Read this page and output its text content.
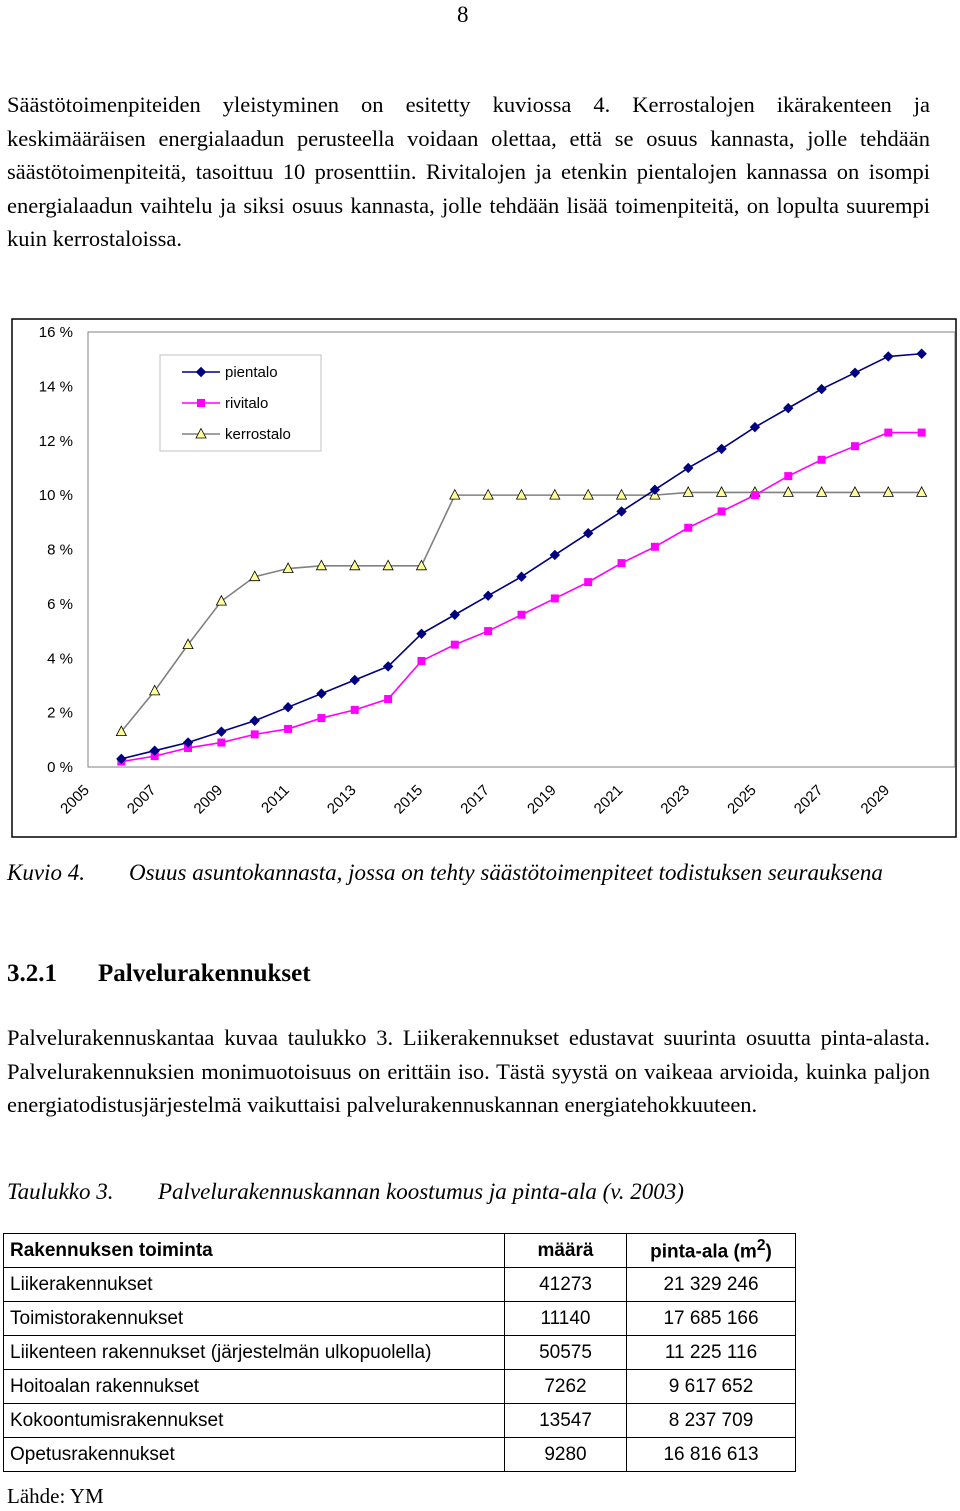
8

Säästötoimenpiteiden yleistyminen on esitetty kuviossa 4. Kerrostalojen ikärakenteen ja keskimääräisen energialaadun perusteella voidaan olettaa, että se osuus kannasta, jolle tehdään säästötoimenpiteitä, tasoittuu 10 prosenttiin. Rivitalojen ja etenkin pientalojen kannassa on isompi energialaadun vaihtelu ja siksi osuus kannasta, jolle tehdään lisää toimenpiteitä, on lopulta suurempi kuin kerrostaloissa.

0 %
2 %
4 %
6 %
8 %
10 %
12 %
14 %
16 %
2005 2007 2009 2011 2013 2015 2017 2019 2021 2023 2025 2027 2029
pientalo
rivitalo
kerrostalo
Kuvio 4. Osuus asuntokannasta, jossa on tehty säästötoimenpiteet todistuksen seurauksena
3.2.1 Palvelurakennukset

Palvelurakennuskantaa kuvaa taulukko 3. Liikerakennukset edustavat suurinta osuutta pinta-alasta. Palvelurakennuksien monimuotoisuus on erittäin iso. Tästä syystä on vaikeaa arvioida, kuinka paljon energiatodistusjärjestelmä vaikuttaisi palvelurakennuskannan energiatehokkuuteen.

Taulukko 3. Palvelurakennuskannan koostumus ja pinta-ala (v. 2003)
Rakennuksen toiminta	määrä	pinta-ala $(m^2)$
Liikerakennukset	41273	21 329 246
Toimistorakennukset	11140	17 685 166
Liikenteen rakennukset (järjestelmän ulkopuolella)	50575	11 225 116
Hoitoalan rakennukset	7262	9 617 652
Kokoontumisrakennukset	13547	8 237 709
Opetusrakennukset	9280	16 816 613
Lähde: YM
